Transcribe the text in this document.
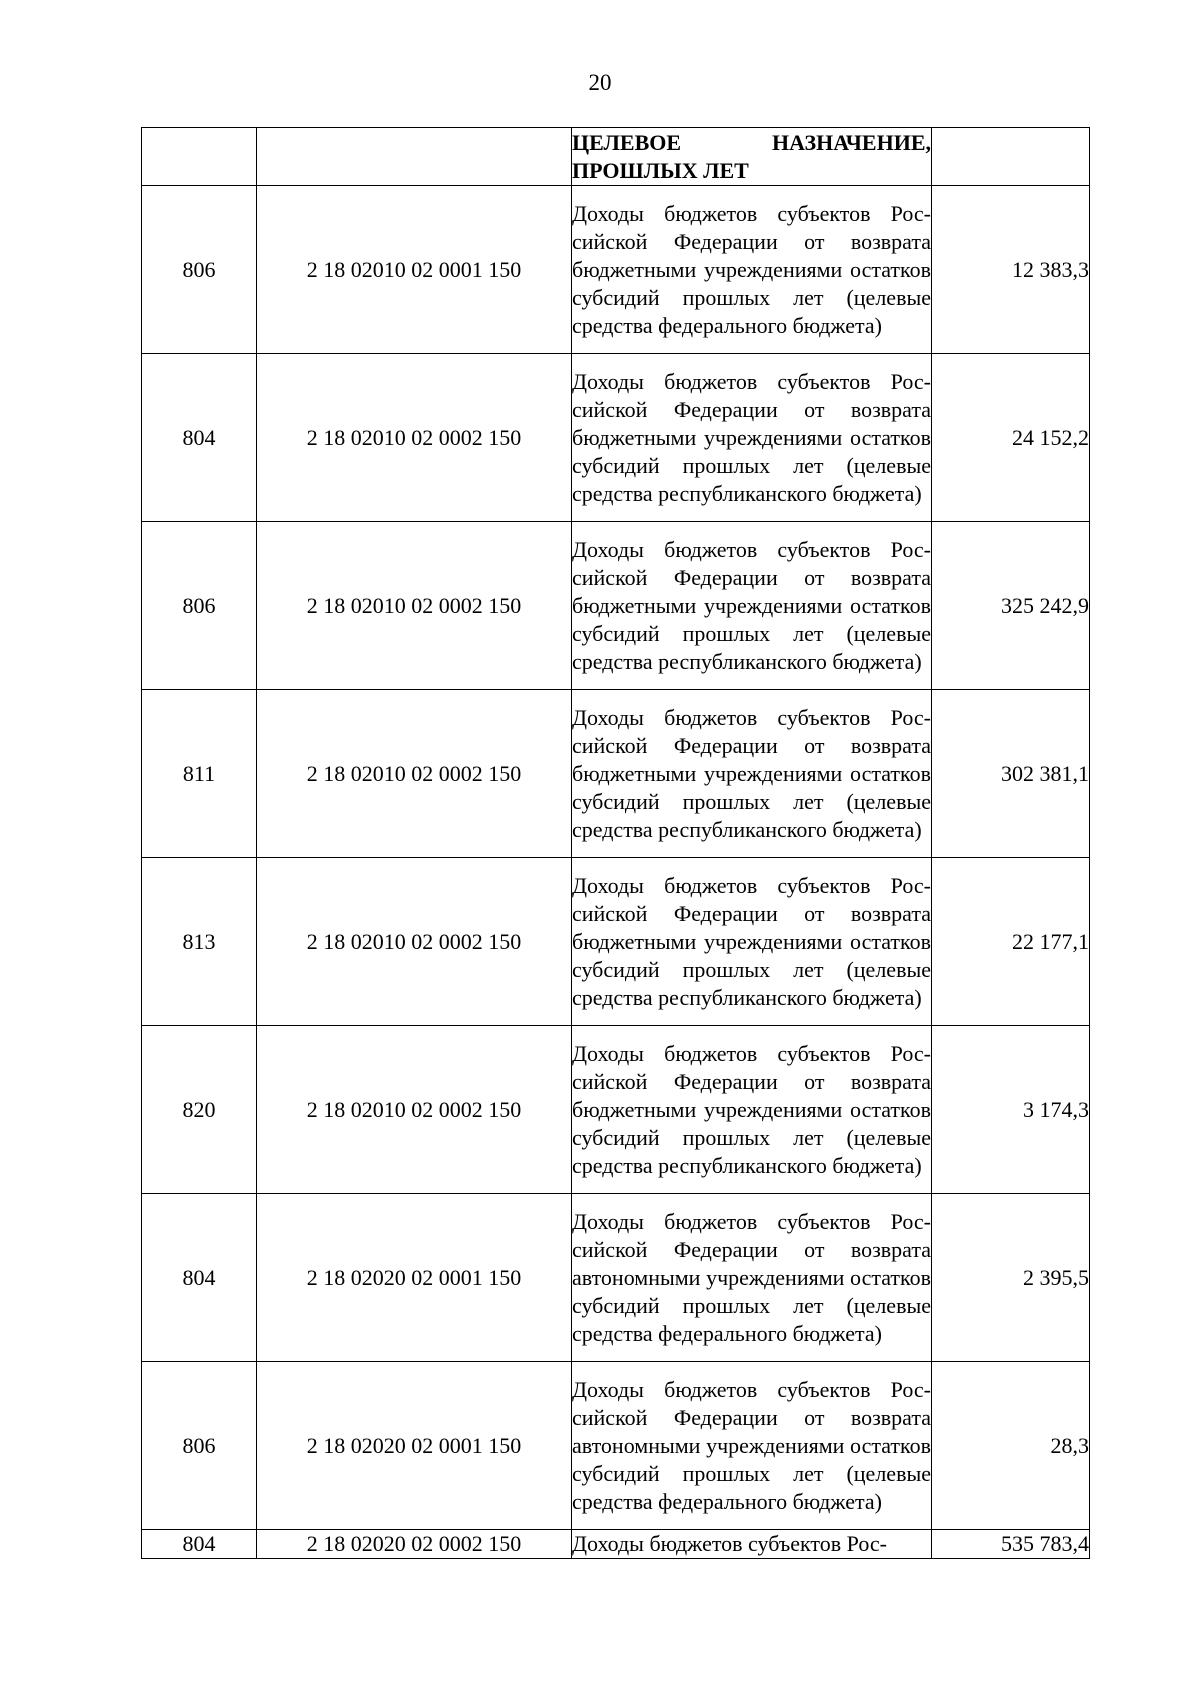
20

		ЦЕЛЕВОЕ НАЗНАЧЕНИЕ,
ПРОШЛЫХ ЛЕТ	

806	2 18 02010 02 0001 150	Доходы бюджетов субъектов Российской Федерации от возврата бюджетными учреждениями остатков субсидий прошлых лет (целевые средства федерального бюджета)	12 383,3
804	2 18 02010 02 0002 150	Доходы бюджетов субъектов Российской Федерации от возврата бюджетными учреждениями остатков субсидий прошлых лет (целевые средства республиканского бюджета)	24 152,2
806	2 18 02010 02 0002 150	Доходы бюджетов субъектов Российской Федерации от возврата бюджетными учреждениями остатков субсидий прошлых лет (целевые средства республиканского бюджета)	325 242,9
811	2 18 02010 02 0002 150	Доходы бюджетов субъектов Российской Федерации от возврата бюджетными учреждениями остатков субсидий прошлых лет (целевые средства республиканского бюджета)	302 381,1
813	2 18 02010 02 0002 150	Доходы бюджетов субъектов Российской Федерации от возврата бюджетными учреждениями остатков субсидий прошлых лет (целевые средства республиканского бюджета)	22 177,1
820	2 18 02010 02 0002 150	Доходы бюджетов субъектов Российской Федерации от возврата бюджетными учреждениями остатков субсидий прошлых лет (целевые средства республиканского бюджета)	3 174,3
804	2 18 02020 02 0001 150	Доходы бюджетов субъектов Российской Федерации от возврата автономными учреждениями остатков субсидий прошлых лет (целевые средства федерального бюджета)	2 395,5
806	2 18 02020 02 0001 150	Доходы бюджетов субъектов Российской Федерации от возврата автономными учреждениями остатков субсидий прошлых лет (целевые средства федерального бюджета)	28,3
804	2 18 02020 02 0002 150	Доходы бюджетов субъектов Рос-	535 783,4
